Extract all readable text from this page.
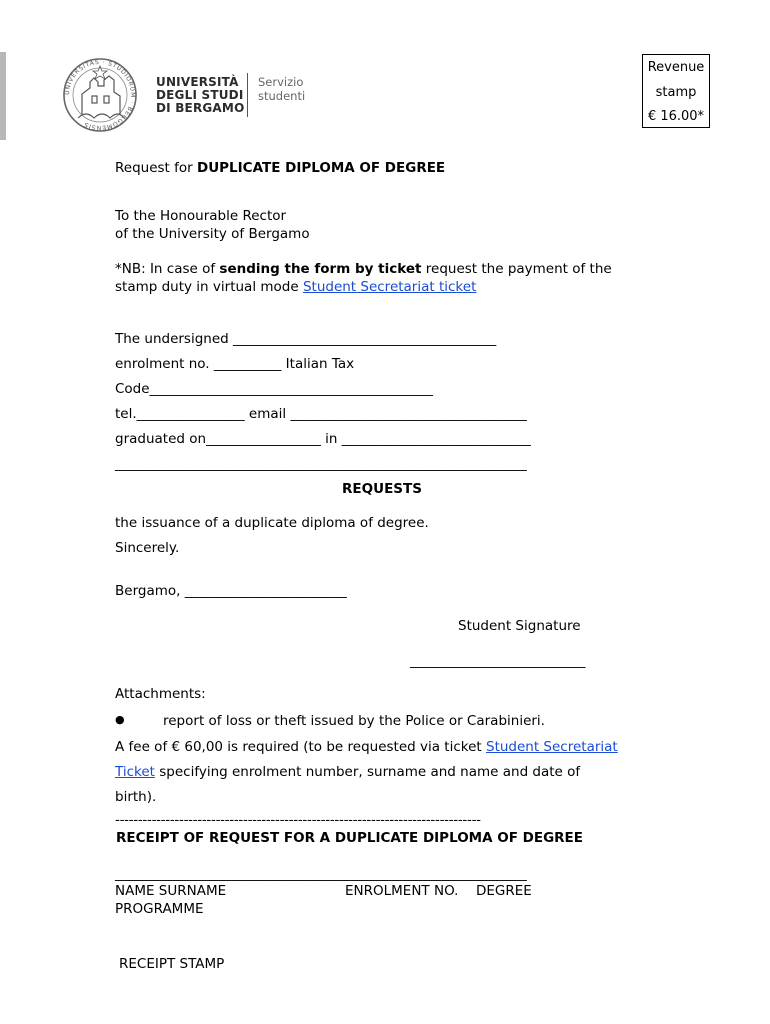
UNIVERSITAS · STUDIORUM · BERGOMENSIS
UNIVERSITÀ
DEGLI STUDI
DI BERGAMO
Servizio
studenti
Revenue
stamp
€ 16.00*
Request for DUPLICATE DIPLOMA OF DEGREE
To the Honourable Rector
of the University of Bergamo
*NB: In case of sending the form by ticket request the payment of the
stamp duty in virtual mode Student Secretariat ticket
The undersigned _______________________________________
enrolment no. __________ Italian Tax
Code__________________________________________
tel.________________ email ___________________________________
graduated on_________________ in ____________________________
_____________________________________________________________
REQUESTS
the issuance of a duplicate diploma of degree.
Sincerely.
Bergamo, ________________________
Student Signature
__________________________
Attachments:
●	report of loss or theft issued by the Police or Carabinieri.
A fee of € 60,00 is required (to be requested via ticket Student Secretariat
Ticket specifying enrolment number, surname and name and date of
birth).
--------------------------------------------------------------------------------
RECEIPT OF REQUEST FOR A DUPLICATE DIPLOMA OF DEGREE
_____________________________________________________________
NAME SURNAME	ENROLMENT NO. DEGREE
PROGRAMME
RECEIPT STAMP
